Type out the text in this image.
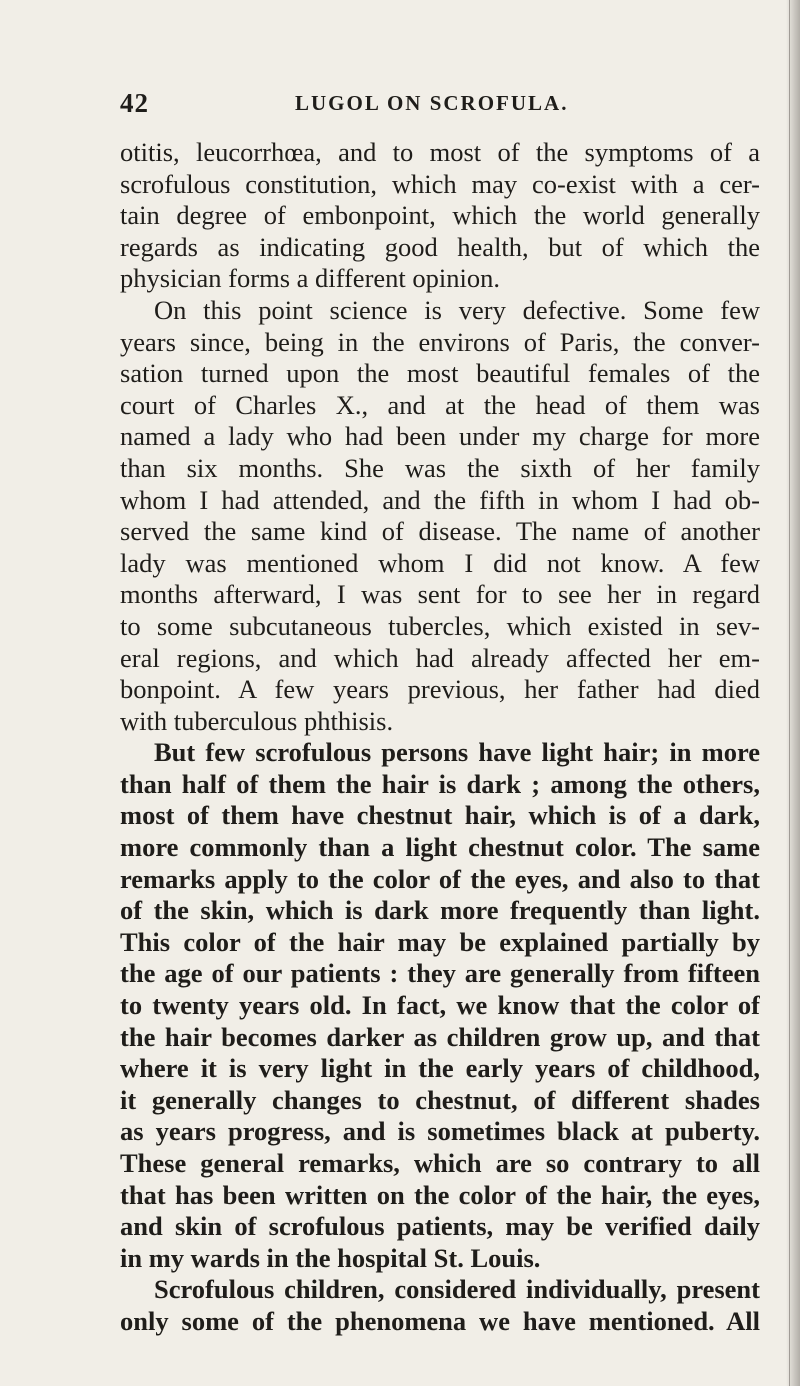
42	LUGOL ON SCROFULA.
otitis, leucorrhœa, and to most of the symptoms of a
scrofulous constitution, which may co-exist with a cer-
tain degree of embonpoint, which the world generally
regards as indicating good health, but of which the
physician forms a different opinion.
On this point science is very defective. Some few
years since, being in the environs of Paris, the conver-
sation turned upon the most beautiful females of the
court of Charles X., and at the head of them was
named a lady who had been under my charge for more
than six months. She was the sixth of her family
whom I had attended, and the fifth in whom I had ob-
served the same kind of disease. The name of another
lady was mentioned whom I did not know. A few
months afterward, I was sent for to see her in regard
to some subcutaneous tubercles, which existed in sev-
eral regions, and which had already affected her em-
bonpoint. A few years previous, her father had died
with tuberculous phthisis.
But few scrofulous persons have light hair; in more
than half of them the hair is dark ; among the others,
most of them have chestnut hair, which is of a dark,
more commonly than a light chestnut color. The same
remarks apply to the color of the eyes, and also to that
of the skin, which is dark more frequently than light.
This color of the hair may be explained partially by
the age of our patients : they are generally from fifteen
to twenty years old. In fact, we know that the color of
the hair becomes darker as children grow up, and that
where it is very light in the early years of childhood,
it generally changes to chestnut, of different shades
as years progress, and is sometimes black at puberty.
These general remarks, which are so contrary to all
that has been written on the color of the hair, the eyes,
and skin of scrofulous patients, may be verified daily
in my wards in the hospital St. Louis.
Scrofulous children, considered individually, present
only some of the phenomena we have mentioned. All
